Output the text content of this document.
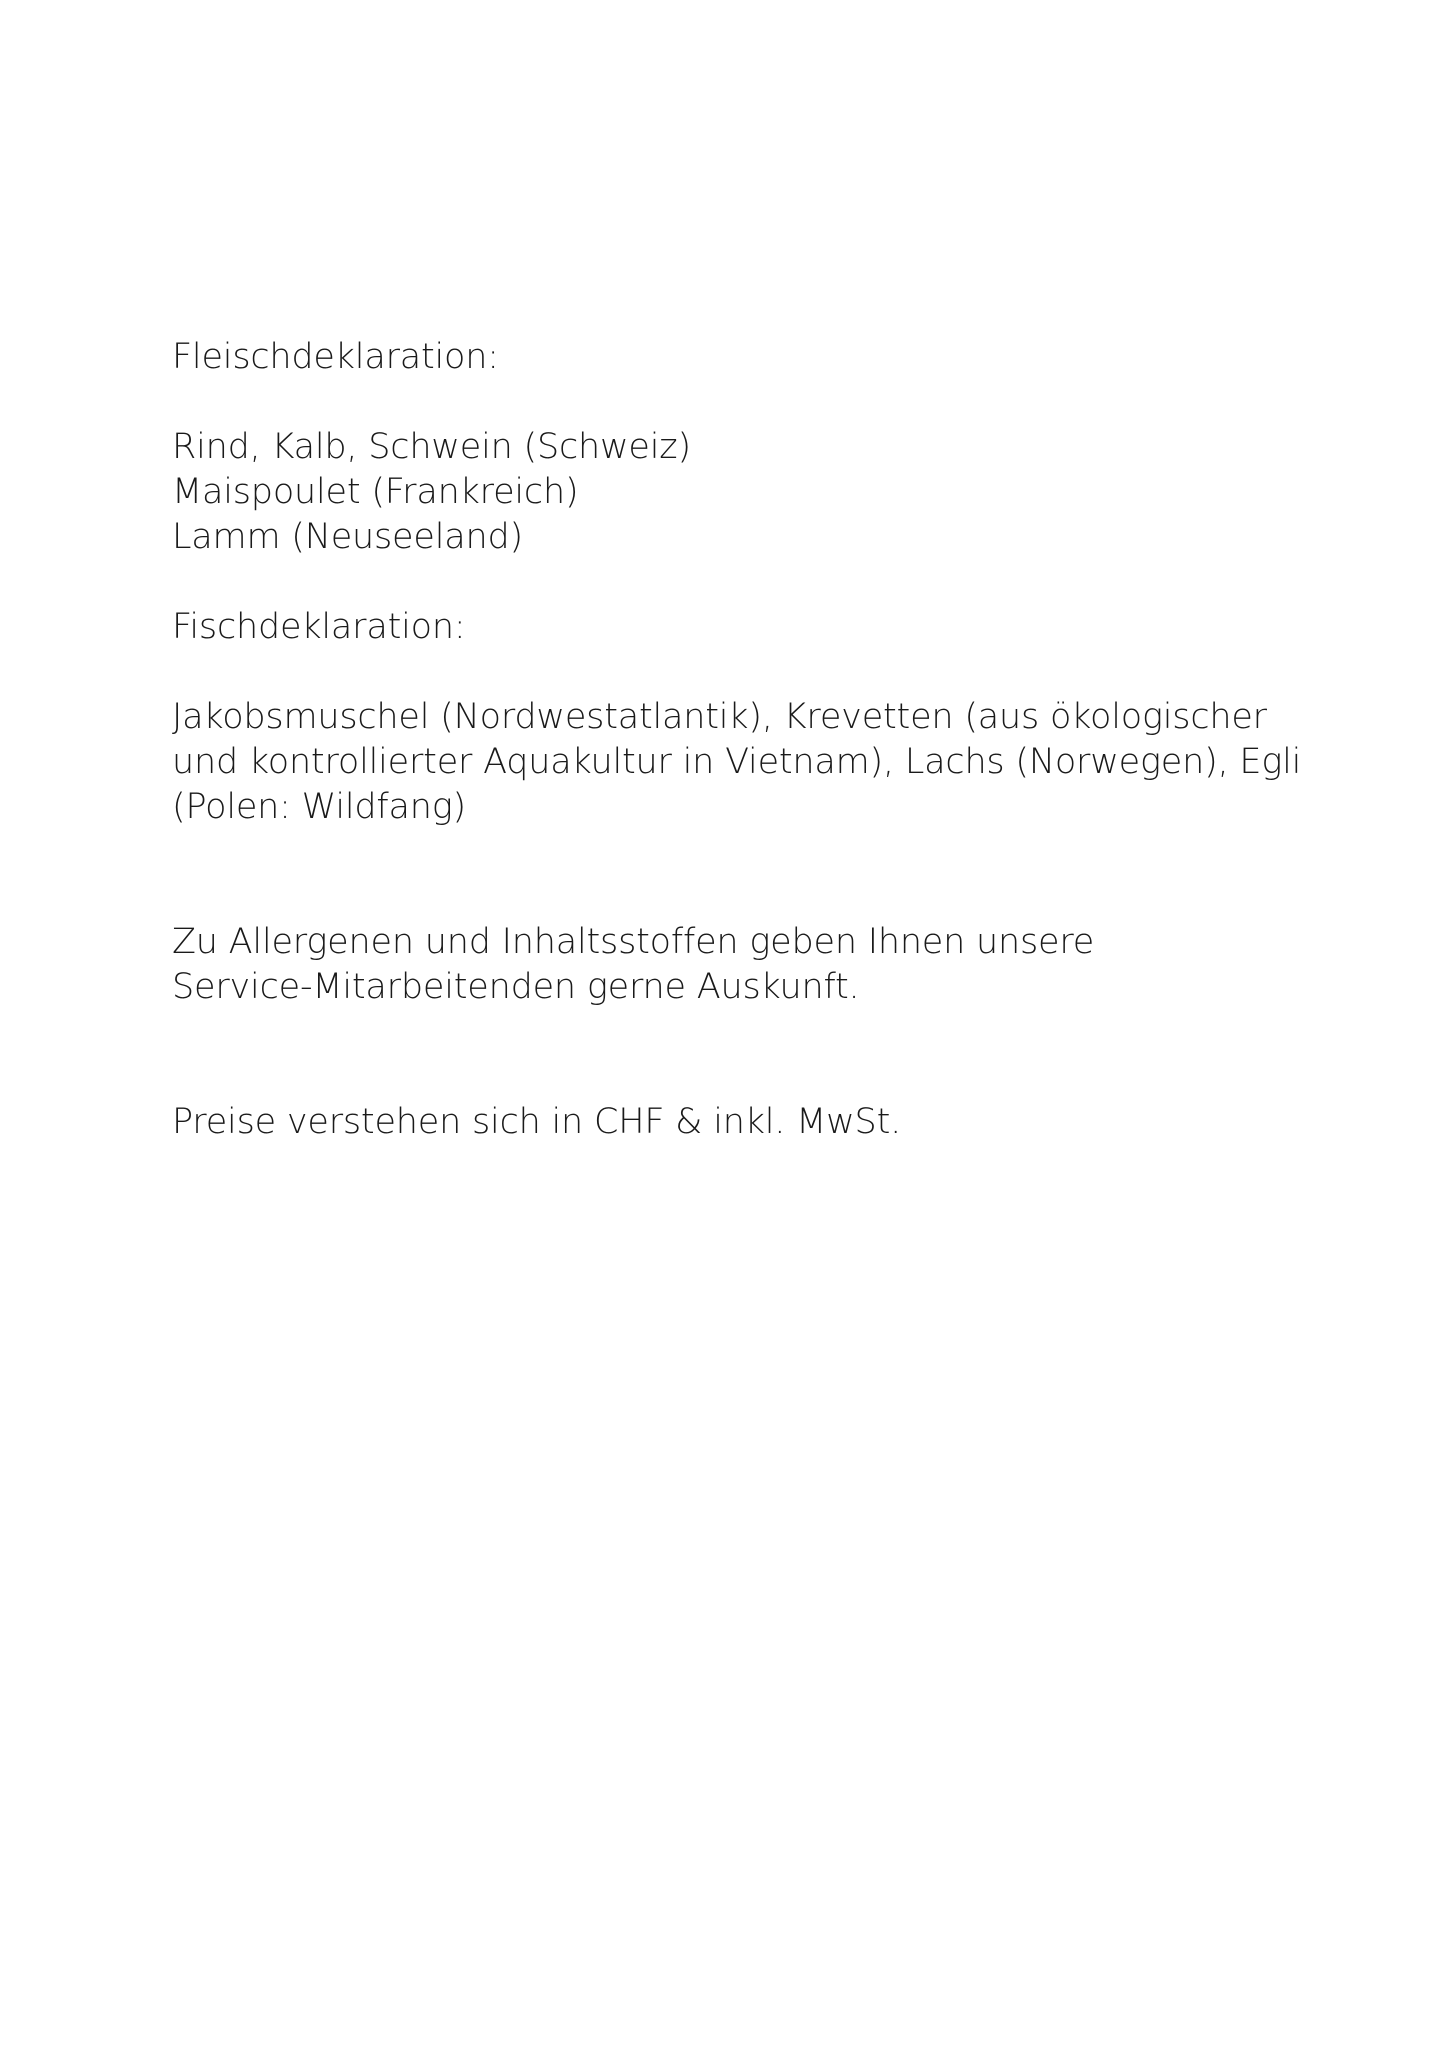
Fleischdeklaration:
Rind, Kalb, Schwein (Schweiz)
Maispoulet (Frankreich)
Lamm (Neuseeland)
Fischdeklaration:
Jakobsmuschel (Nordwestatlantik), Krevetten (aus ökologischer
und kontrollierter Aquakultur in Vietnam), Lachs (Norwegen), Egli
(Polen: Wildfang)
Zu Allergenen und Inhaltsstoffen geben Ihnen unsere
Service-Mitarbeitenden gerne Auskunft.
Preise verstehen sich in CHF & inkl. MwSt.
